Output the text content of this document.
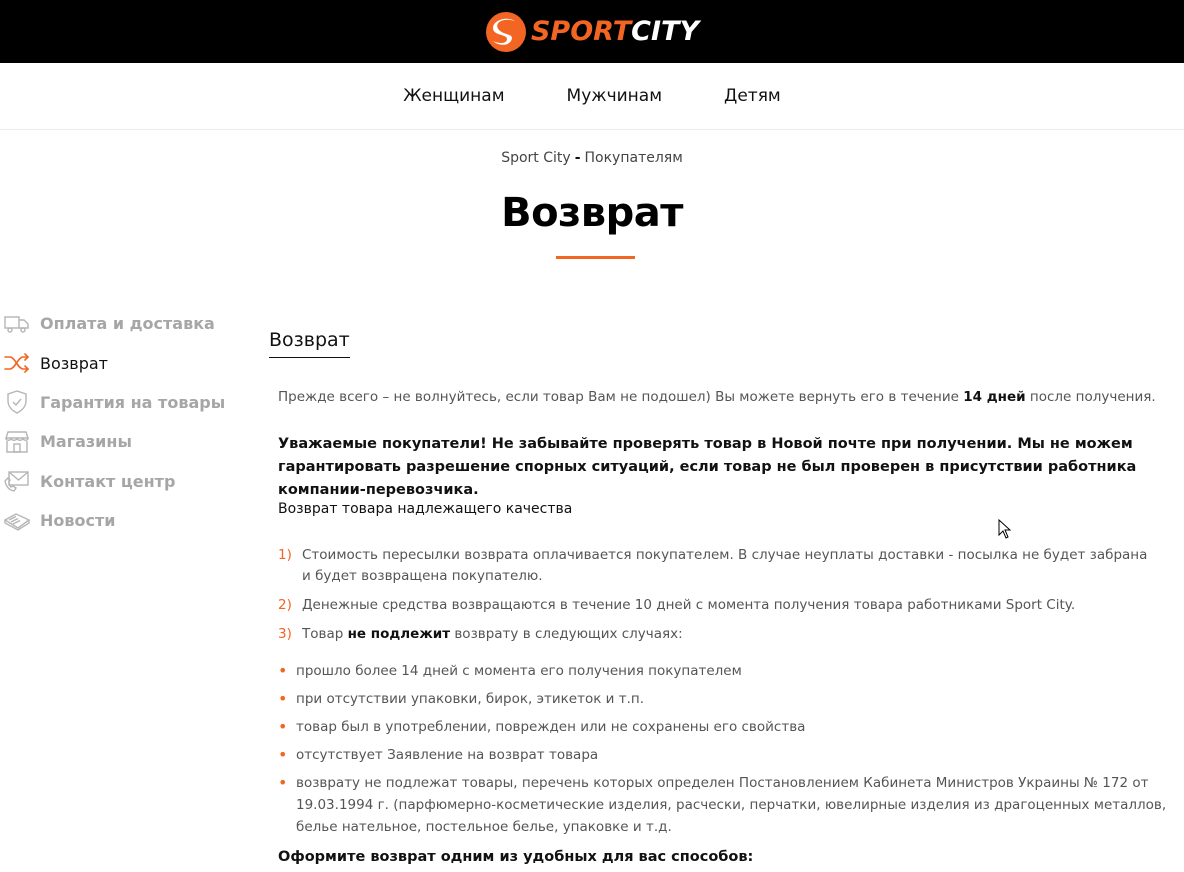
SPORTCITY
Женщинам	Мужчинам	Детям
Sport City - Покупателям
Возврат
Оплата и доставка
Возврат
Гарантия на товары
Магазины
Контакт центр
Новости
Возврат

Прежде всего – не волнуйтесь, если товар Вам не подошел) Вы можете вернуть его в течение 14 дней после получения.

Уважаемые покупатели! Не забывайте проверять товар в Новой почте при получении. Мы не можем гарантировать разрешение спорных ситуаций, если товар не был проверен в присутствии работника компании-перевозчика.

Возврат товара надлежащего качества

1) Стоимость пересылки возврата оплачивается покупателем. В случае неуплаты доставки - посылка не будет забрана и будет возвращена покупателю.
2) Денежные средства возвращаются в течение 10 дней с момента получения товара работниками Sport City.
3) Товар не подлежит возврату в следующих случаях:
• прошло более 14 дней с момента его получения покупателем
• при отсутствии упаковки, бирок, этикеток и т.п.
• товар был в употреблении, поврежден или не сохранены его свойства
• отсутствует Заявление на возврат товара
• возврату не подлежат товары, перечень которых определен Постановлением Кабинета Министров Украины № 172 от 19.03.1994 г. (парфюмерно-косметические изделия, расчески, перчатки, ювелирные изделия из драгоценных металлов, белье нательное, постельное белье, упаковке и т.д.

Оформите возврат одним из удобных для вас способов:
